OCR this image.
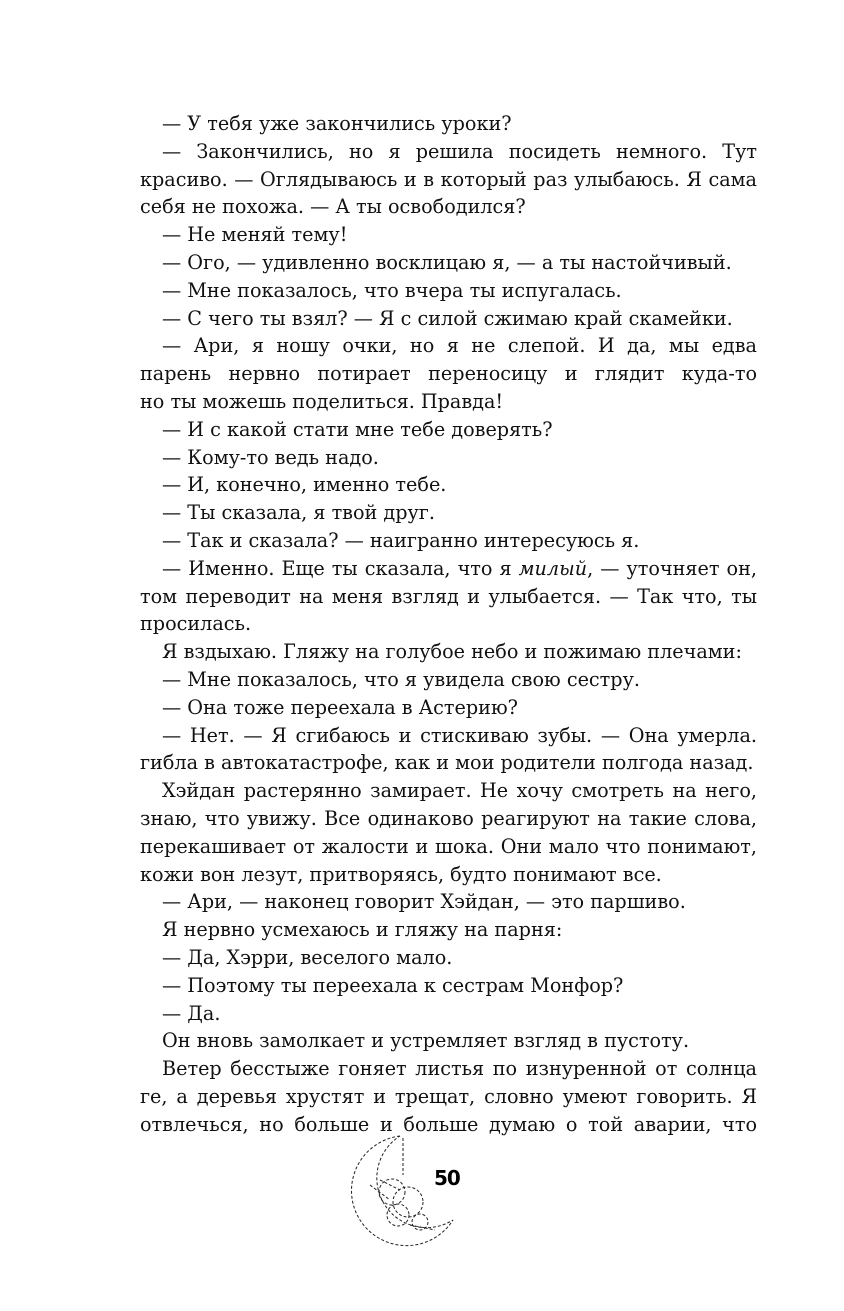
— У тебя уже закончились уроки?
— Закончились, но я решила посидеть немного. Тут
красиво. — Оглядываюсь и в который раз улыбаюсь. Я сама
себя не похожа. — А ты освободился?
— Не меняй тему!
— Ого, — удивленно восклицаю я, — а ты настойчивый.
— Мне показалось, что вчера ты испугалась.
— С чего ты взял? — Я с силой сжимаю край скамейки.
— Ари, я ношу очки, но я не слепой. И да, мы едва
парень нервно потирает переносицу и глядит куда-то
но ты можешь поделиться. Правда!
— И с какой стати мне тебе доверять?
— Кому-то ведь надо.
— И, конечно, именно тебе.
— Ты сказала, я твой друг.
— Так и сказала? — наигранно интересуюсь я.
— Именно. Еще ты сказала, что я милый, — уточняет он,
том переводит на меня взгляд и улыбается. — Так что, ты
просилась.
Я вздыхаю. Гляжу на голубое небо и пожимаю плечами:
— Мне показалось, что я увидела свою сестру.
— Она тоже переехала в Астерию?
— Нет. — Я сгибаюсь и стискиваю зубы. — Она умерла.
гибла в автокатастрофе, как и мои родители полгода назад.
Хэйдан растерянно замирает. Не хочу смотреть на него,
знаю, что увижу. Все одинаково реагируют на такие слова,
перекашивает от жалости и шока. Они мало что понимают,
кожи вон лезут, притворяясь, будто понимают все.
— Ари, — наконец говорит Хэйдан, — это паршиво.
Я нервно усмехаюсь и гляжу на парня:
— Да, Хэрри, веселого мало.
— Поэтому ты переехала к сестрам Монфор?
— Да.
Он вновь замолкает и устремляет взгляд в пустоту.
Ветер бесстыже гоняет листья по изнуренной от солнца
ге, а деревья хрустят и трещат, словно умеют говорить. Я
отвлечься, но больше и больше думаю о той аварии, что
50
